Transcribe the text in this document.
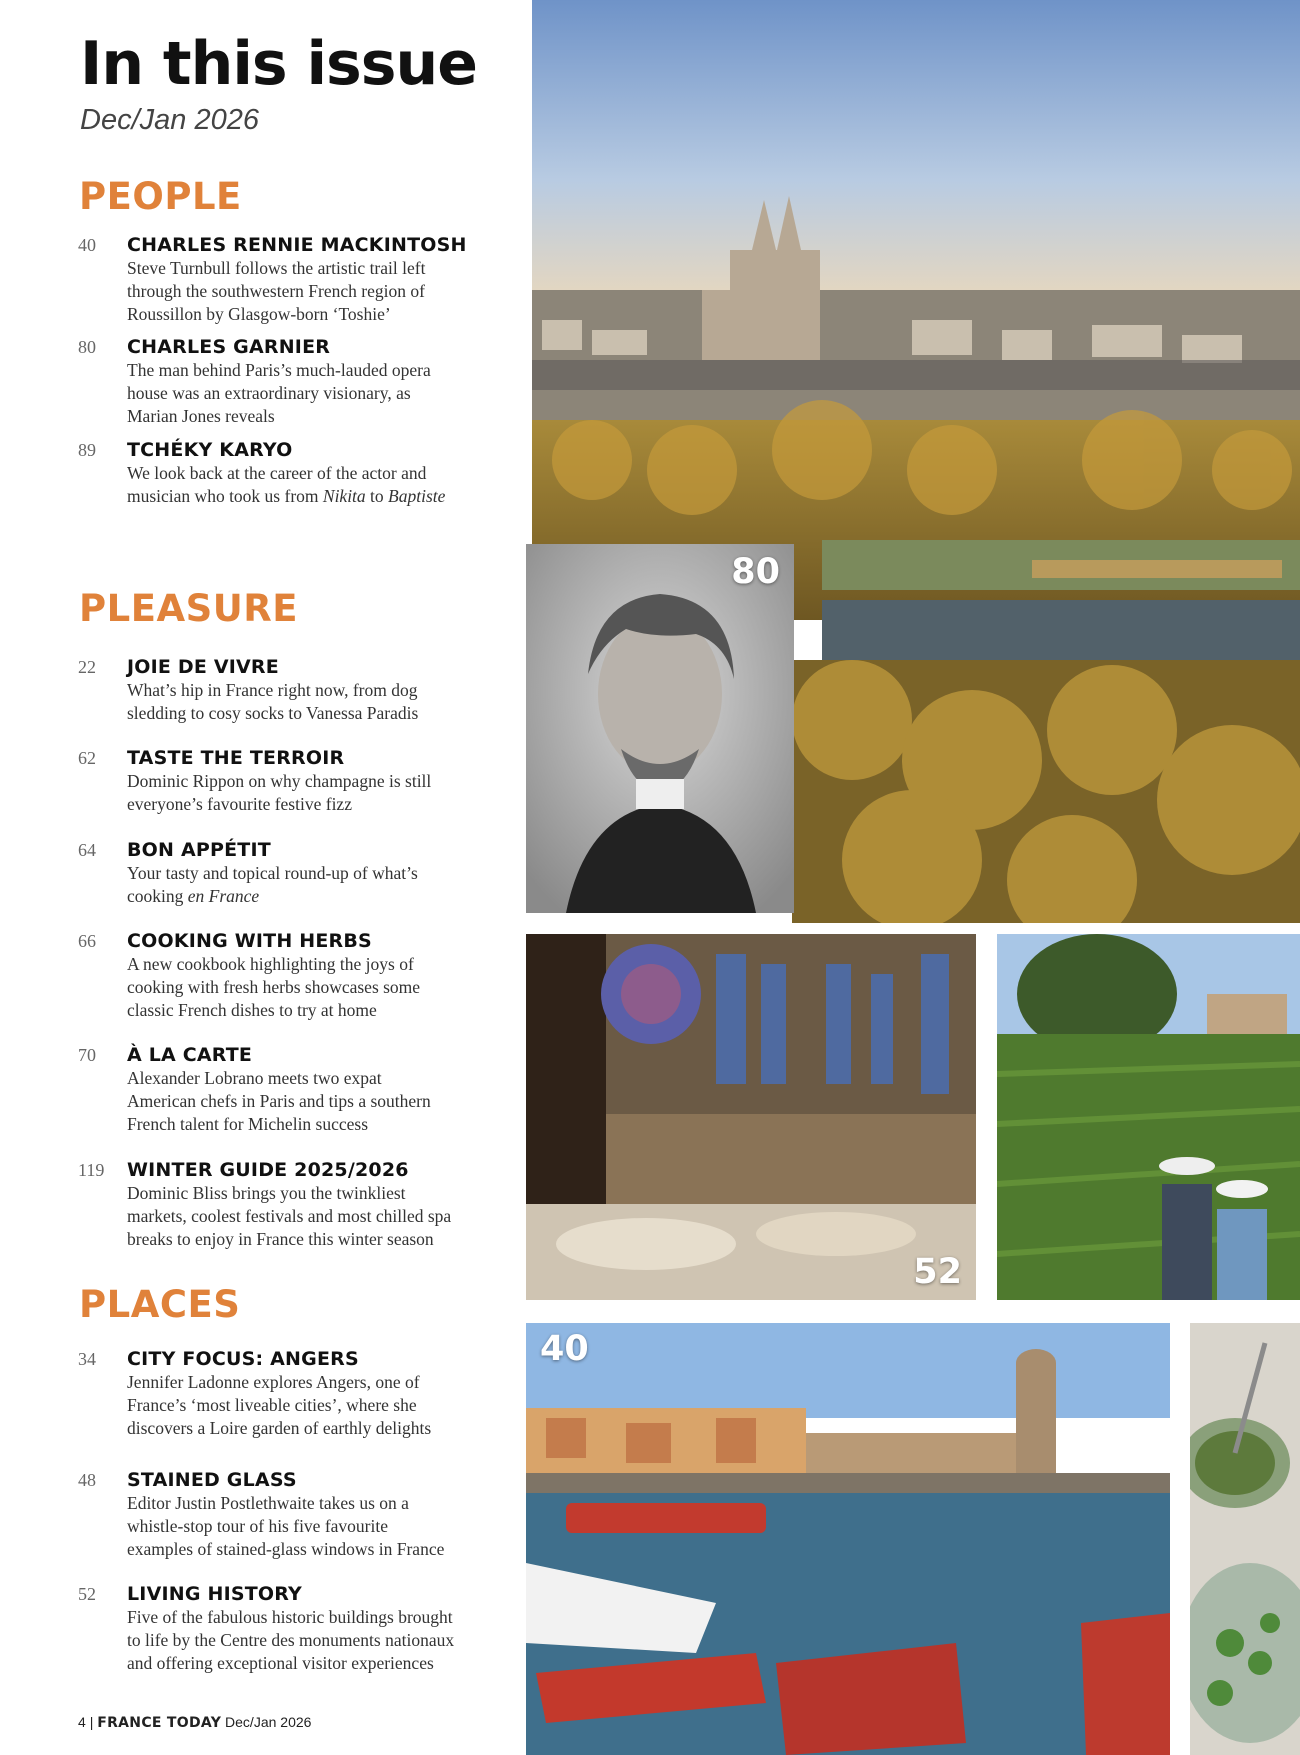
In this issue
Dec/Jan 2026
PEOPLE
40	CHARLES RENNIE MACKINTOSH
Steve Turnbull follows the artistic trail left
through the southwestern French region of
Roussillon by Glasgow-born ‘Toshie’
80	CHARLES GARNIER
The man behind Paris’s much-lauded opera
house was an extraordinary visionary, as
Marian Jones reveals
89	TCHÉKY KARYO
We look back at the career of the actor and
musician who took us from Nikita to Baptiste
PLEASURE
22	JOIE DE VIVRE
What’s hip in France right now, from dog
sledding to cosy socks to Vanessa Paradis
62	TASTE THE TERROIR
Dominic Rippon on why champagne is still
everyone’s favourite festive fizz
64	BON APPÉTIT
Your tasty and topical round-up of what’s
cooking en France
66	COOKING WITH HERBS
A new cookbook highlighting the joys of
cooking with fresh herbs showcases some
classic French dishes to try at home
70	À LA CARTE
Alexander Lobrano meets two expat
American chefs in Paris and tips a southern
French talent for Michelin success
119	WINTER GUIDE 2025/2026
Dominic Bliss brings you the twinkliest
markets, coolest festivals and most chilled spa
breaks to enjoy in France this winter season
PLACES
34	CITY FOCUS: ANGERS
Jennifer Ladonne explores Angers, one of
France’s ‘most liveable cities’, where she
discovers a Loire garden of earthly delights
48	STAINED GLASS
Editor Justin Postlethwaite takes us on a
whistle-stop tour of his five favourite
examples of stained-glass windows in France
52	LIVING HISTORY
Five of the fabulous historic buildings brought
to life by the Centre des monuments nationaux
and offering exceptional visitor experiences
4 | FRANCE TODAY Dec/Jan 2026
80
52
40
